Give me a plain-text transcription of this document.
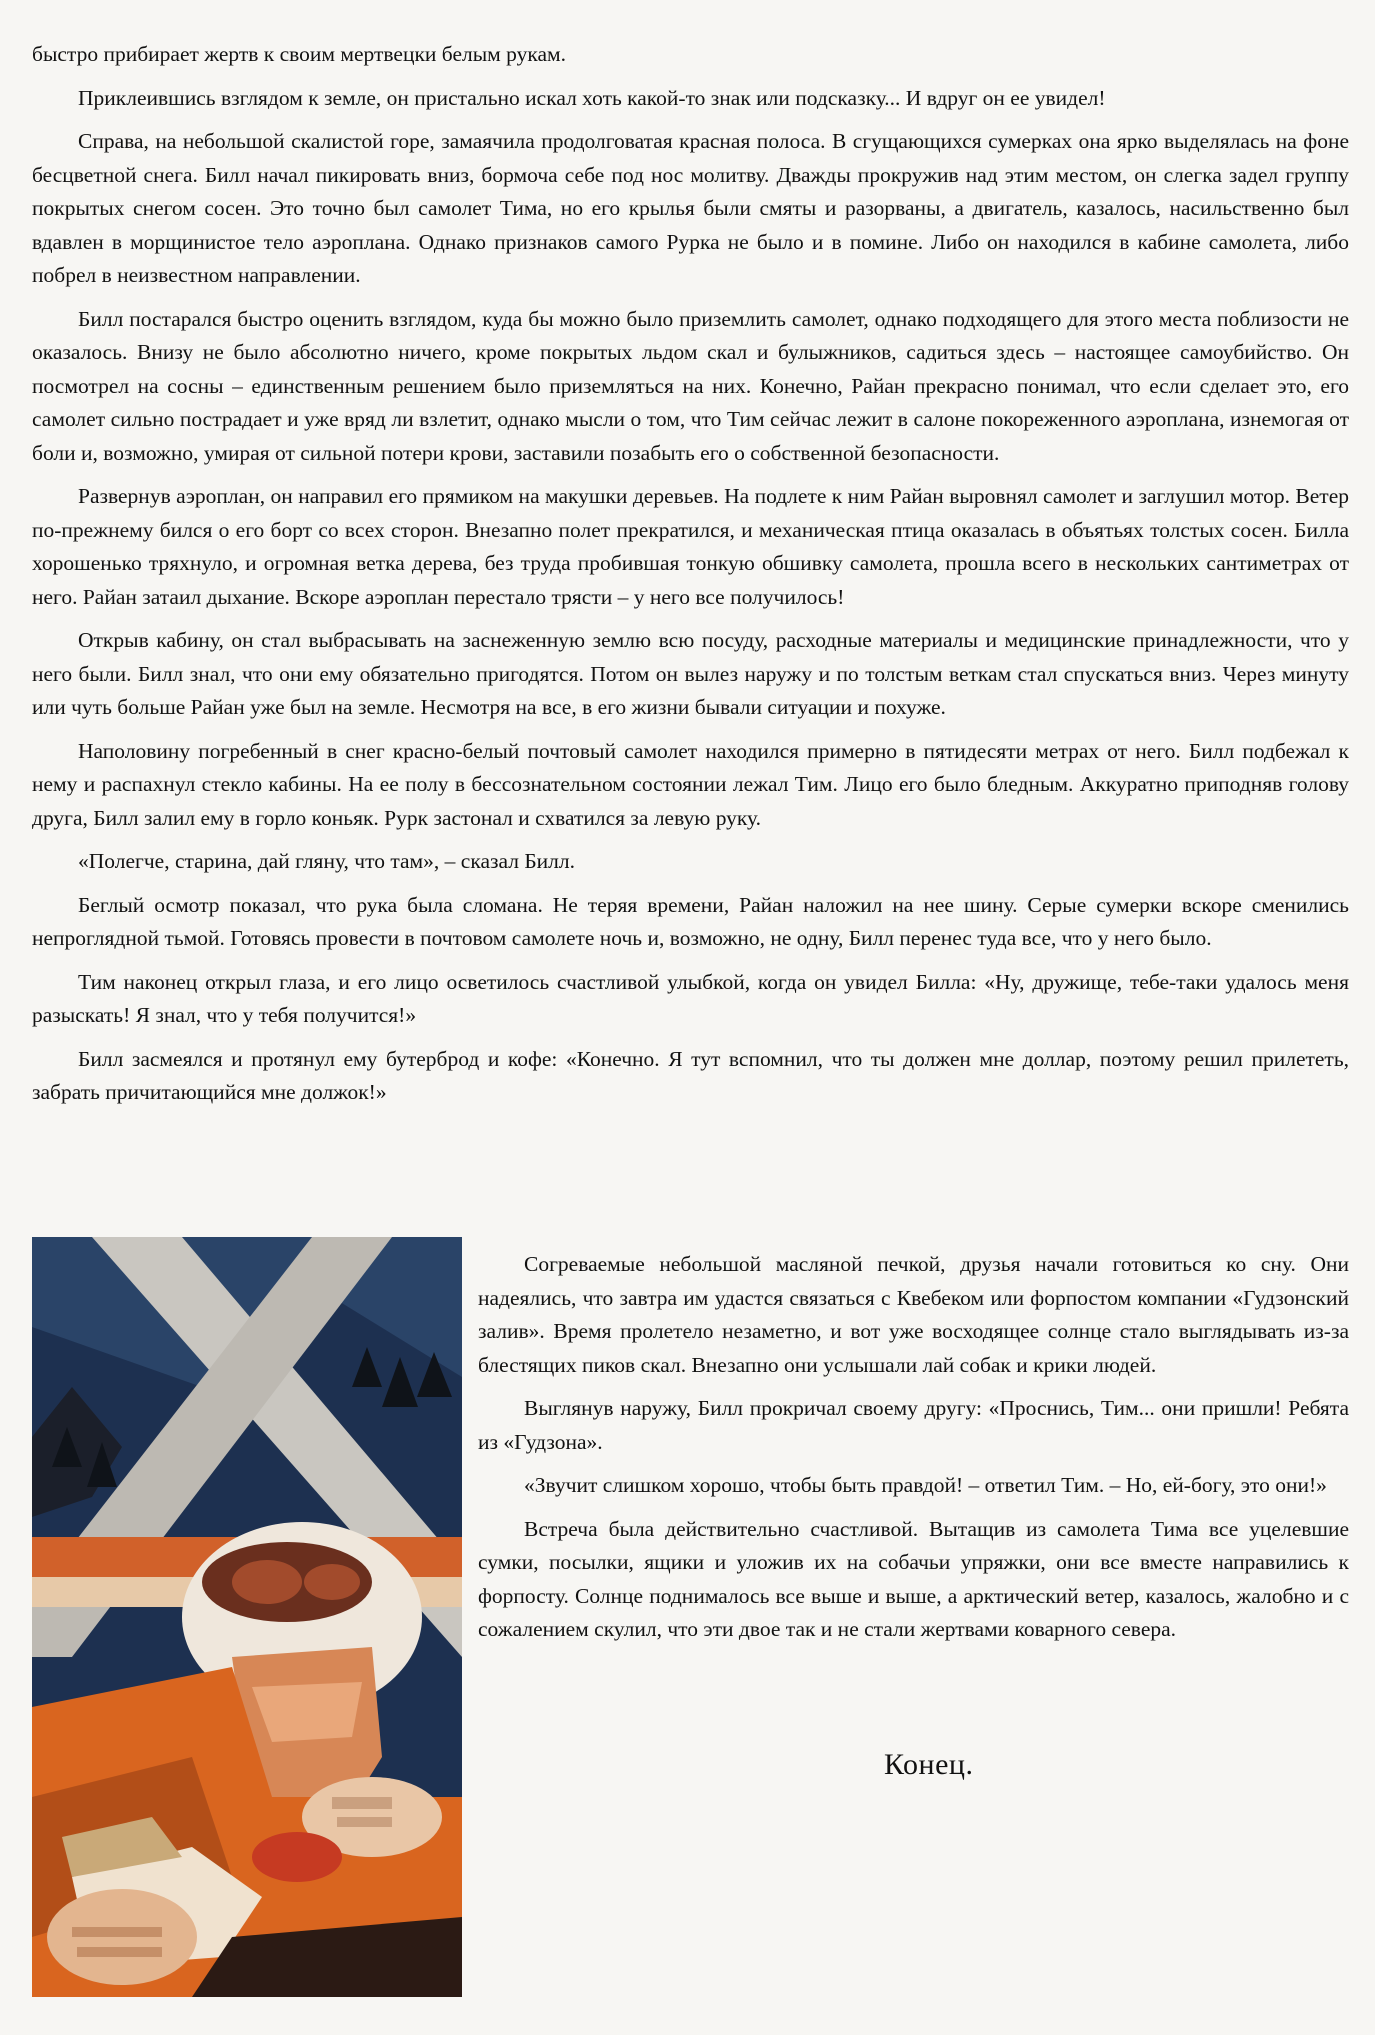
быстро прибирает жертв к своим мертвецки белым рукам.

Приклеившись взглядом к земле, он пристально искал хоть какой-то знак или подсказку... И вдруг он ее увидел!

Справа, на небольшой скалистой горе, замаячила продолговатая красная полоса. В сгущающихся сумерках она ярко выделялась на фоне бесцветной снега. Билл начал пикировать вниз, бормоча себе под нос молитву. Дважды прокружив над этим местом, он слегка задел группу покрытых снегом сосен. Это точно был самолет Тима, но его крылья были смяты и разорваны, а двигатель, казалось, насильственно был вдавлен в морщинистое тело аэроплана. Однако признаков самого Рурка не было и в помине. Либо он находился в кабине самолета, либо побрел в неизвестном направлении.

Билл постарался быстро оценить взглядом, куда бы можно было приземлить самолет, однако подходящего для этого места поблизости не оказалось. Внизу не было абсолютно ничего, кроме покрытых льдом скал и булыжников, садиться здесь – настоящее самоубийство. Он посмотрел на сосны – единственным решением было приземляться на них. Конечно, Райан прекрасно понимал, что если сделает это, его самолет сильно пострадает и уже вряд ли взлетит, однако мысли о том, что Тим сейчас лежит в салоне покореженного аэроплана, изнемогая от боли и, возможно, умирая от сильной потери крови, заставили позабыть его о собственной безопасности.

Развернув аэроплан, он направил его прямиком на макушки деревьев. На подлете к ним Райан выровнял самолет и заглушил мотор. Ветер по-прежнему бился о его борт со всех сторон. Внезапно полет прекратился, и механическая птица оказалась в объятьях толстых сосен. Билла хорошенько тряхнуло, и огромная ветка дерева, без труда пробившая тонкую обшивку самолета, прошла всего в нескольких сантиметрах от него. Райан затаил дыхание. Вскоре аэроплан перестало трясти – у него все получилось!

Открыв кабину, он стал выбрасывать на заснеженную землю всю посуду, расходные материалы и медицинские принадлежности, что у него были. Билл знал, что они ему обязательно пригодятся. Потом он вылез наружу и по толстым веткам стал спускаться вниз. Через минуту или чуть больше Райан уже был на земле. Несмотря на все, в его жизни бывали ситуации и похуже.

Наполовину погребенный в снег красно-белый почтовый самолет находился примерно в пятидесяти метрах от него. Билл подбежал к нему и распахнул стекло кабины. На ее полу в бессознательном состоянии лежал Тим. Лицо его было бледным. Аккуратно приподняв голову друга, Билл залил ему в горло коньяк. Рурк застонал и схватился за левую руку.

«Полегче, старина, дай гляну, что там», – сказал Билл.

Беглый осмотр показал, что рука была сломана. Не теряя времени, Райан наложил на нее шину. Серые сумерки вскоре сменились непроглядной тьмой. Готовясь провести в почтовом самолете ночь и, возможно, не одну, Билл перенес туда все, что у него было.

Тим наконец открыл глаза, и его лицо осветилось счастливой улыбкой, когда он увидел Билла: «Ну, дружище, тебе-таки удалось меня разыскать! Я знал, что у тебя получится!»

Билл засмеялся и протянул ему бутерброд и кофе: «Конечно. Я тут вспомнил, что ты должен мне доллар, поэтому решил прилететь, забрать причитающийся мне должок!»

Согреваемые небольшой масляной печкой, друзья начали готовиться ко сну. Они надеялись, что завтра им удастся связаться с Квебеком или форпостом компании «Гудзонский залив». Время пролетело незаметно, и вот уже восходящее солнце стало выглядывать из-за блестящих пиков скал. Внезапно они услышали лай собак и крики людей.

Выглянув наружу, Билл прокричал своему другу: «Проснись, Тим... они пришли! Ребята из «Гудзона».

«Звучит слишком хорошо, чтобы быть правдой! – ответил Тим. – Но, ей-богу, это они!»

Встреча была действительно счастливой. Вытащив из самолета Тима все уцелевшие сумки, посылки, ящики и уложив их на собачьи упряжки, они все вместе направились к форпосту. Солнце поднималось все выше и выше, а арктический ветер, казалось, жалобно и с сожалением скулил, что эти двое так и не стали жертвами коварного севера.

Конец.
